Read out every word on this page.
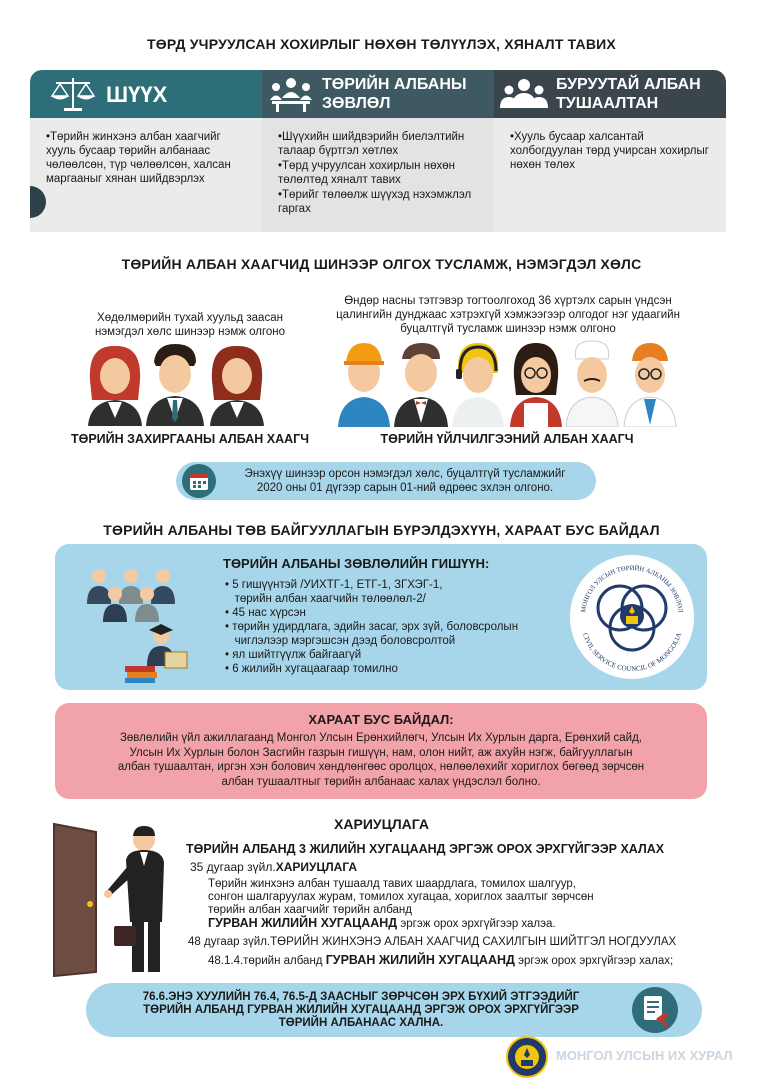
ТӨРД УЧРУУЛСАН ХОХИРЛЫГ НӨХӨН ТӨЛҮҮЛЭХ, ХЯНАЛТ ТАВИХ
ШҮҮХ
•Төрийн жинхэнэ албан хаагчийг хууль бусаар төрийн албанаас чөлөөлсөн, түр чөлөөлсөн, халсан маргааныг хянан шийдвэрлэх
ТӨРИЙН АЛБАНЫ
ЗӨВЛӨЛ
•Шүүхийн шийдвэрийн биелэлтийн талаар бүртгэл хөтлөх
•Төрд учруулсан хохирлын нөхөн төлөлтөд хяналт тавих
•Төрийг төлөөлж шүүхэд нэхэмжлэл гаргах
БУРУУТАЙ АЛБАН
ТУШААЛТАН
•Хууль бусаар халсантай холбогдуулан төрд учирсан хохирлыг нөхөн төлөх
ТӨРИЙН АЛБАН ХААГЧИД ШИНЭЭР ОЛГОХ ТУСЛАМЖ, НЭМЭГДЭЛ ХӨЛС
Хөдөлмөрийн тухай хуульд заасан
нэмэгдэл хөлс шинээр нэмж олгоно
Өндөр насны тэтгэвэр тогтоолгоход 36 хүртэлх сарын үндсэн
цалингийн дунджаас хэтрэхгүй хэмжээгээр олгодог нэг удаагийн
буцалтгүй тусламж шинээр нэмж олгоно
ТӨРИЙН ЗАХИРГААНЫ АЛБАН ХААГЧ	ТӨРИЙН ҮЙЛЧИЛГЭЭНИЙ АЛБАН ХААГЧ
Энэхүү шинээр орсон нэмэгдэл хөлс, буцалтгүй тусламжийг
2020 оны 01 дүгээр сарын 01-ний өдрөөс эхлэн олгоно.
ТӨРИЙН АЛБАНЫ ТӨВ БАЙГУУЛЛАГЫН БҮРЭЛДЭХҮҮН, ХАРААТ БУС БАЙДАЛ
ТӨРИЙН АЛБАНЫ ЗӨВЛӨЛИЙН ГИШҮҮН:
• 5 гишүүнтэй /УИХТГ-1, ЕТГ-1, ЗГХЭГ-1,
төрийн албан хаагчийн төлөөлөл-2/
• 45 нас хүрсэн
• төрийн удирдлага, эдийн засаг, эрх зүй, боловсролын
чиглэлээр мэргэшсэн дээд боловсролтой
• ял шийтгүүлж байгаагүй
• 6 жилийн хугацаагаар томилно
МОНГОЛ УЛСЫН ТӨРИЙН АЛБАНЫ ЗӨВЛӨЛ
CIVIL SERVICE COUNCIL OF MONGOLIA
ХАРААТ БУС БАЙДАЛ:
Зөвлөлийн үйл ажиллагаанд Монгол Улсын Ерөнхийлөгч, Улсын Их Хурлын дарга, Ерөнхий сайд,
Улсын Их Хурлын болон Засгийн газрын гишүүн, нам, олон нийт, аж ахуйн нэгж, байгууллагын
албан тушаалтан, иргэн хэн болович хөндлөнгөөс оролцох, нөлөөлөхийг хориглох бөгөөд зөрчсөн
албан тушаалтныг төрийн албанаас халах үндэслэл болно.
ХАРИУЦЛАГА
ТӨРИЙН АЛБАНД 3 ЖИЛИЙН ХУГАЦААНД ЭРГЭЖ ОРОХ ЭРХГҮЙГЭЭР ХАЛАХ
35 дугаар зүйл.ХАРИУЦЛАГА
Төрийн жинхэнэ албан тушаалд тавих шаардлага, томилох шалгуур,
сонгон шалгаруулах журам, томилох хугацаа, хориглох заалтыг зөрчсөн
төрийн албан хаагчийг төрийн албанд
ГУРВАН ЖИЛИЙН ХУГАЦААНД эргэж орох эрхгүйгээр халэа.
48 дугаар зүйл.ТӨРИЙН ЖИНХЭНЭ АЛБАН ХААГЧИД САХИЛГЫН ШИЙТГЭЛ НОГДУУЛАХ
48.1.4.төрийн албанд ГУРВАН ЖИЛИЙН ХУГАЦААНД эргэж орох эрхгүйгээр халах;
76.6.ЭНЭ ХУУЛИЙН 76.4, 76.5-Д ЗААСНЫГ ЗӨРЧСӨН ЭРХ БҮХИЙ ЭТГЭЭДИЙГ
ТӨРИЙН АЛБАНД ГУРВАН ЖИЛИЙН ХУГАЦААНД ЭРГЭЖ ОРОХ ЭРХГҮЙГЭЭР
ТӨРИЙН АЛБАНААС ХАЛНА.
МОНГОЛ УЛСЫН ИХ ХУРАЛ
